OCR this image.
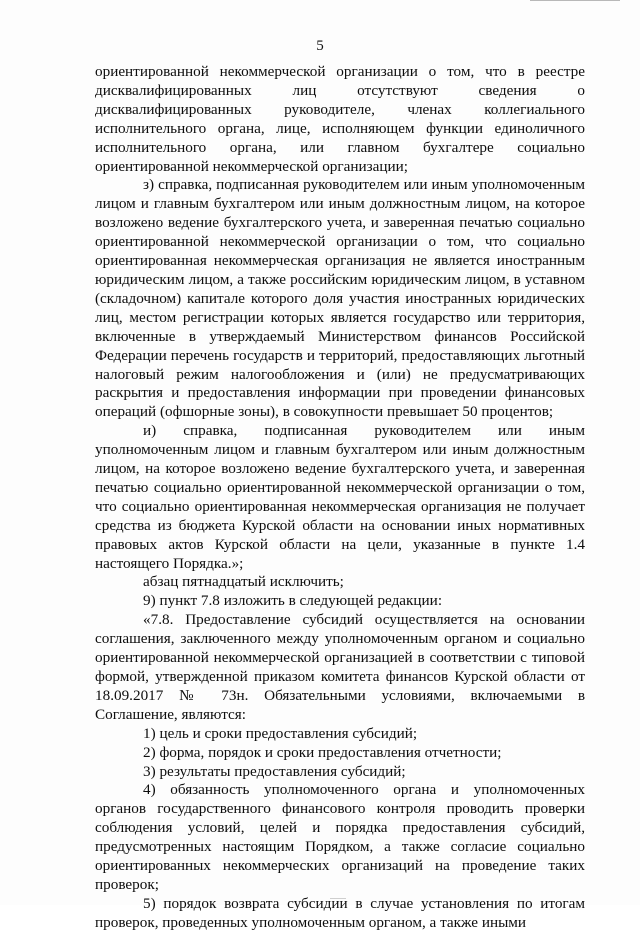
5

ориентированной некоммерческой организации о том, что в реестре дисквалифицированных лиц отсутствуют сведения о дисквалифицированных руководителе, членах коллегиального исполнительного органа, лице, исполняющем функции единоличного исполнительного органа, или главном бухгалтере социально ориентированной некоммерческой организации;

з) справка, подписанная руководителем или иным уполномоченным лицом и главным бухгалтером или иным должностным лицом, на которое возложено ведение бухгалтерского учета, и заверенная печатью социально ориентированной некоммерческой организации о том, что социально ориентированная некоммерческая организация не является иностранным юридическим лицом, а также российским юридическим лицом, в уставном (складочном) капитале которого доля участия иностранных юридических лиц, местом регистрации которых является государство или территория, включенные в утверждаемый Министерством финансов Российской Федерации перечень государств и территорий, предоставляющих льготный налоговый режим налогообложения и (или) не предусматривающих раскрытия и предоставления информации при проведении финансовых операций (офшорные зоны), в совокупности превышает 50 процентов;

и) справка, подписанная руководителем или иным уполномоченным лицом и главным бухгалтером или иным должностным лицом, на которое возложено ведение бухгалтерского учета, и заверенная печатью социально ориентированной некоммерческой организации о том, что социально ориентированная некоммерческая организация не получает средства из бюджета Курской области на основании иных нормативных правовых актов Курской области на цели, указанные в пункте 1.4 настоящего Порядка.»;

абзац пятнадцатый исключить;

9) пункт 7.8 изложить в следующей редакции:

«7.8. Предоставление субсидий осуществляется на основании соглашения, заключенного между уполномоченным органом и социально ориентированной некоммерческой организацией в соответствии с типовой формой, утвержденной приказом комитета финансов Курской области от 18.09.2017 № 73н. Обязательными условиями, включаемыми в Соглашение, являются:

1) цель и сроки предоставления субсидий;

2) форма, порядок и сроки предоставления отчетности;

3) результаты предоставления субсидий;

4) обязанность уполномоченного органа и уполномоченных органов государственного финансового контроля проводить проверки соблюдения условий, целей и порядка предоставления субсидий, предусмотренных настоящим Порядком, а также согласие социально ориентированных некоммерческих организаций на проведение таких проверок;

5) порядок возврата субсидии в случае установления по итогам проверок, проведенных уполномоченным органом, а также иными
